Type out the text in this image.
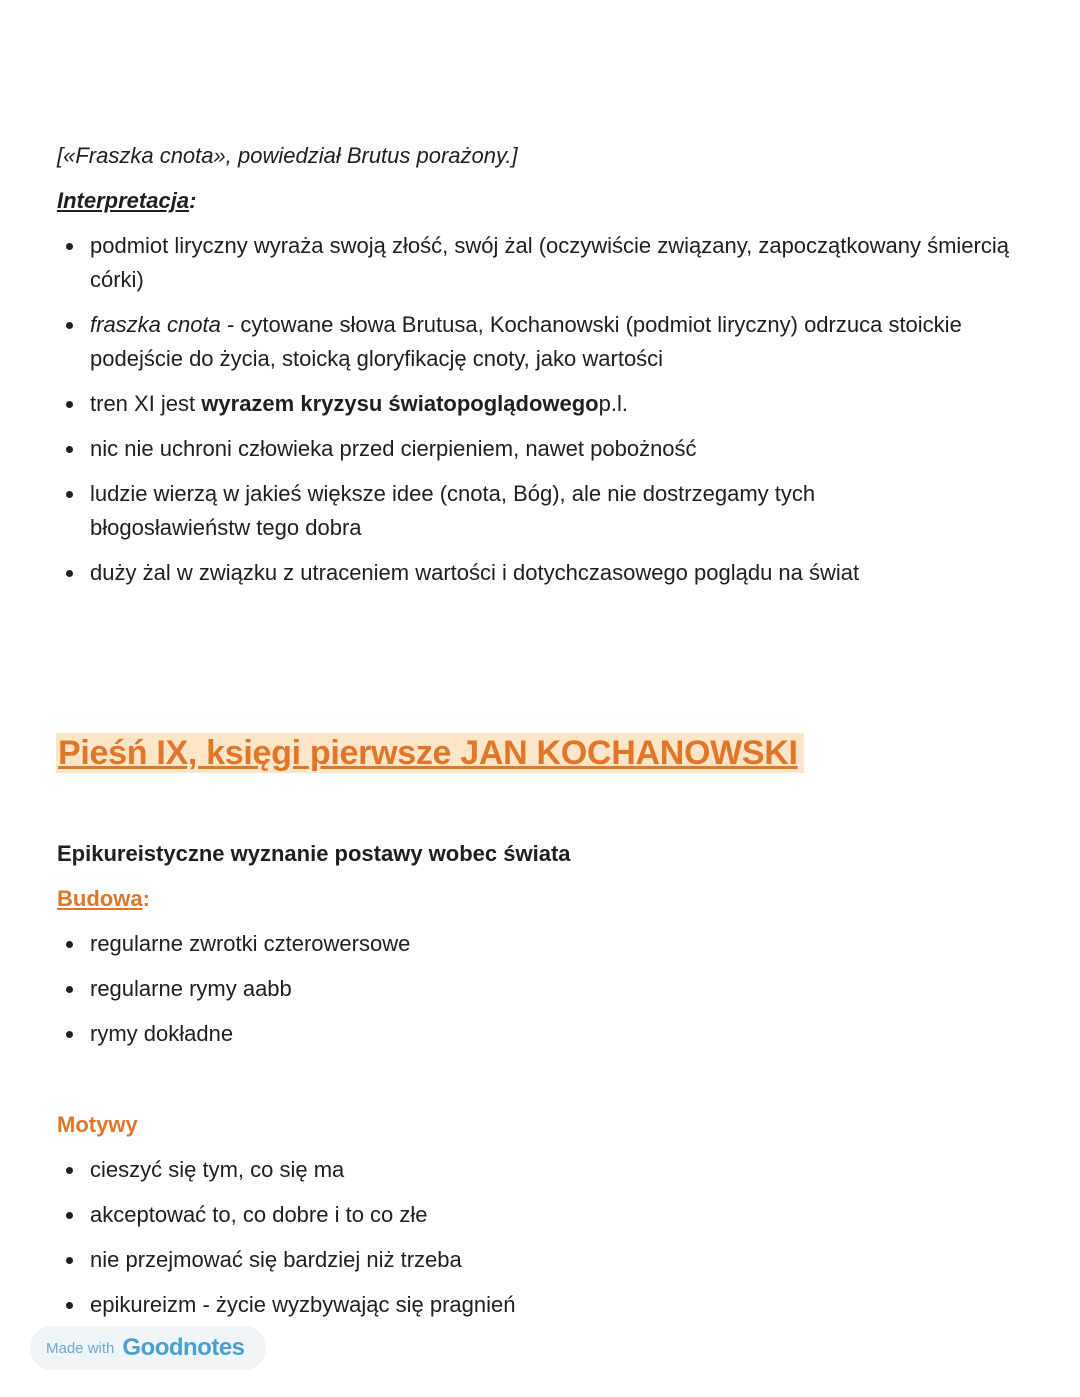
[«Fraszka cnota», powiedział Brutus porażony.]
Interpretacja:
podmiot liryczny wyraża swoją złość, swój żal (oczywiście związany, zapoczątkowany śmiercią córki)
fraszka cnota - cytowane słowa Brutusa, Kochanowski (podmiot liryczny) odrzuca stoickie podejście do życia, stoicką gloryfikację cnoty, jako wartości
tren XI jest wyrazem kryzysu światopoglądowegop.l.
nic nie uchroni człowieka przed cierpieniem, nawet pobożność
ludzie wierzą w jakieś większe idee (cnota, Bóg), ale nie dostrzegamy tych błogosławieństw tego dobra
duży żal w związku z utraceniem wartości i dotychczasowego poglądu na świat
Pieśń IX, księgi pierwsze JAN KOCHANOWSKI
Epikureistyczne wyznanie postawy wobec świata
Budowa:
regularne zwrotki czterowersowe
regularne rymy aabb
rymy dokładne
Motywy
cieszyć się tym, co się ma
akceptować to, co dobre i to co złe
nie przejmować się bardziej niż trzeba
epikureizm - życie wyzbywając się pragnień
Made with Goodnotes
